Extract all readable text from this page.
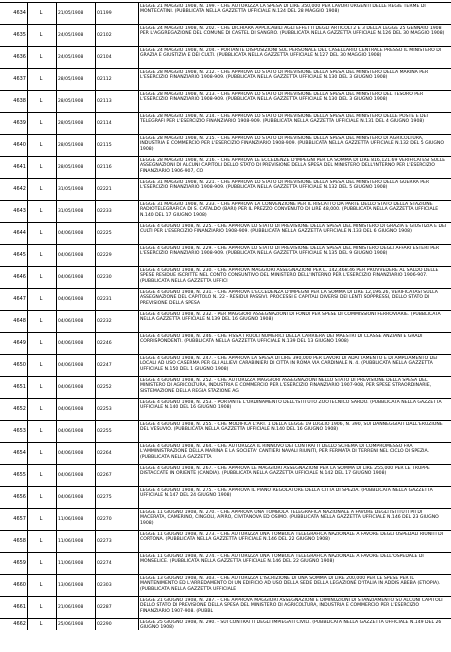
4634	L	21/05/1908	01199
LEGGE 21 MAGGIO 1908, N. 199. - CHE AUTORIZZA LA SPESA DI LIRE 350,000 PER LAVORI URGENTI DELLE REGIE TERME DI MONTECATINI. (PUBBLICATA NELLA GAZZETTA UFFICIALE N.124 DEL 28 MAGGIO 1908)
4635	L	24/05/1908	02102
LEGGE 24 MAGGIO 1908, N. 202. - CHE DICHIARA APPLICABILI AGLI EFFETTI DEGLI ARTICOLI 2 E 3 DELLA LEGGE 25 GENNAIO 1908 PER L'AGGREGAZIONE DEL COMUNE DI CASTEL DI SANGRO. (PUBBLICATA NELLA GAZZETTA UFFICIALE N.126 DEL 30 MAGGIO 1908)
4636	L	24/05/1908	02104
LEGGE 24 MAGGIO 1908, N. 204. - PORTANTE DISPOSIZIONI SUL PERSONALE DEL CASELLARIO CENTRALE PRESSO IL MINISTERO DI GRAZIA E GIUSTIZIA E DEI CULTI. (PUBBLICATA NELLA GAZZETTA UFFICIALE N.127 DEL 30 MAGGIO 1908)
4637	L	28/05/1908	02112
LEGGE 28 MAGGIO 1908, N. 212. - CHE APPROVA LO STATO DI PREVISIONE DELLA SPESA DEL MINISTERO DELLA MARINA PER L'ESERCIZIO FINANZIARIO 1908-909. (PUBBLICATA NELLA GAZZETTA UFFICIALE N.130 DEL 3 GIUGNO 1908)
4638	L	28/05/1908	02113
LEGGE 28 MAGGIO 1908, N. 213. - CHE APPROVA LO STATO DI PREVISIONE DELLA SPESA DEL MINISTERO DEL TESORO PER L'ESERCIZIO FINANZIARIO 1908-909. (PUBBLICATA NELLA GAZZETTA UFFICIALE N.130 DEL 3 GIUGNO 1908)
4639	L	28/05/1908	02114
LEGGE 28 MAGGIO 1908, N. 214. - CHE APPROVA LO STATO DI PREVISIONE DELLA SPESA DEL MINISTERO DELLE POSTE E DEI TELEGRAFI PER L'ESERCIZIO FINANZIARIO 1908-909. (PUBBLICATA NELLA GAZZETTA UFFICIALE N.131 DEL 4 GIUGNO 1908)
4640	L	28/05/1908	02115
LEGGE 28 MAGGIO 1908, N. 215. - CHE APPROVA LO STATO DI PREVISIONE DELLA SPESA DEL MINISTERO DI AGRICOLTURA, INDUSTRIA E COMMERCIO PER L'ESERCIZIO FINANZIARIO 1908-909. (PUBBLICATA NELLA GAZZETTA UFFICIALE N.132 DEL 5 GIUGNO 1908)
4641	L	28/05/1908	02116
LEGGE 28 MAGGIO 1908, N. 216. - CHE APPROVA LE ECCEDENZE D'IMPEGNI PER LA SOMMA DI LIRE 816,121.69 VERIFICATESI SULLE ASSEGNAZIONI DI ALCUNI CAPITOLI DELLO STATO DI PREVISIONE DELLA SPESA DEL MINISTERO DELL'INTERNO PER L'ESERCIZIO FINANZIARIO 1906-907, CO
4642	L	31/05/1908	02221
LEGGE 31 MAGGIO 1908, N. 221. - CHE APPROVA LO STATO DI PREVISIONE DELLA SPESA DEL MINISTERO DELLA GUERRA PER L'ESERCIZIO FINANZIARIO 1908-909. (PUBBLICATA NELLA GAZZETTA UFFICIALE N.132 DEL 5 GIUGNO 1908)
4643	L	31/05/1908	02233
LEGGE 31 MAGGIO 1908, N. 233. - CHE APPROVA LA CONVENZIONE PER IL RISCATTO DA PARTE DELLO STATO DELLA STAZIONE RADIOTELEGRAFICA DI S. CATALDO (BARI) PER IL PREZZO CONVENUTO DI LIRE 48,000. (PUBBLICATA NELLA GAZZETTA UFFICIALE N.140 DEL 17 GIUGNO 1908)
4644	L	04/06/1908	02225
LEGGE 4 GIUGNO 1908, N. 225. - CHE APPROVA LO STATO DI PREVISIONE DELLA SPESA DEL MINISTERO DI GRAZIA E GIUSTIZIA E DEI CULTI PER L'ESERCIZIO FINANZIARIO 1908-909. (PUBBLICATA NELLA GAZZETTA UFFICIALE N.133 DEL 6 GIUGNO 1908)
4645	L	04/06/1908	02229
LEGGE 4 GIUGNO 1908, N. 229. - CHE APPROVA LO STATO DI PREVISIONE DELLA SPESA DEL MINISTERO DEGLI AFFARI ESTERI PER L'ESERCIZIO FINANZIARIO 1908-909. (PUBBLICATA NELLA GAZZETTA UFFICIALE N.135 DEL 9 GIUGNO 1908)
4646	L	04/06/1908	02230
LEGGE 4 GIUGNO 1908, N. 230. - CHE APPROVA MAGGIORI ASSEGNAZIONI PER L. 142,468.46 PER PROVVEDERE AL SALDO DELLE SPESE RESIDUE ISCRITTE NEL CONTO CONSUNTIVO DEL MINISTERO DELL'INTERNO PER L'ESERCIZIO FINANZIARIO 1906-907. (PUBBLICATA NELLA GAZZETTA UFFICI
4647	L	04/06/1908	02231
LEGGE 4 GIUGNO 1908, N. 231. - CHE APPROVA L'ECCEDENZA D'IMPEGNI PER LA SOMMA DI LIRE 12,196.26, VERIFICATASI SULLA ASSEGNAZIONE DEL CAPITOLO N. 22 - RESIDUI PASSIVI. PROCESSI E CAPITALI DIVERSI DEI LENTI SOPPRESSI, DELLO STATO DI PREVISIONE DELLA SPESA
4648	L	04/06/1908	02232
LEGGE 4 GIUGNO 1908, N. 232. - PER MAGGIORI ASSEGNAZIONI DI FONDI PER SPESE DI COMMISSIONI FERROVIARIE. (PUBBLICATA NELLA GAZZETTA UFFICIALE N.139 DEL 16 GIUGNO 1908)
4649	L	04/06/1908	02246
LEGGE 4 GIUGNO 1908, N. 246. - CHE FISSA I RUOLI NUMERICI DELLA CARRIERA DEI MAESTRI DI CLASSE ANZIANI E GRADI CORRISPONDENTI. (PUBBLICATA NELLA GAZZETTA UFFICIALE N.139 DEL 13 GIUGNO 1908)
4650	L	04/06/1908	02247
LEGGE 4 GIUGNO 1908, N. 247. - CHE APPROVA LA SPESA DI LIRE 390,000 PER LAVORI DI ADATTAMENTO E DI AMPLIAMENTO DEI LOCALI AD USO CASERMA PER GLI ALLIEVI CARABINIERI DI CITTA IN ROMA VIA CARDINALE N. 4. (PUBBLICATA NELLA GAZZETTA UFFICIALE N.150 DEL 1 GIUGNO 1908)
4651	L	04/06/1908	02252
LEGGE 4 GIUGNO 1908, N. 252. - CHE AUTORIZZA MAGGIORI ASSEGNAZIONI NELLO STATO DI PREVISIONE DELLA SPESA DEL MINISTERO DI AGRICOLTURA, INDUSTRIA E COMMERCIO PER L'ESERCIZIO FINANZIARIO 1907-908, PER SPESE STRAORDINARIE, SISTEMAZIONE DELLA REGIA STAZIONE AG
4652	L	04/06/1908	02253
LEGGE 4 GIUGNO 1908, N. 253. - PORTANTE L'ORDINAMENTO DELL'ISTITUTO ZOOTECNICO SARDO. (PUBBLICATA NELLA GAZZETTA UFFICIALE N.140 DEL 16 GIUGNO 1908)
4653	L	04/06/1908	02255
LEGGE 4 GIUGNO 1908, N. 255. - CHE MODIFICA L'ART. 1 DELLA LEGGE 19 LUGLIO 1906, N. 390, SUI DANNEGGIATI DALL'ERUZIONE DEL VESUVIO. (PUBBLICATA NELLA GAZZETTA UFFICIALE N.140 DEL 16 GIUGNO 1908)
4654	L	04/06/1908	02264
LEGGE 4 GIUGNO 1908, N. 264. - CHE AUTORIZZA IL RINNOVO DEI CONTRATTI DELLO SCHEMA DI COMPROMESSO FRA L'AMMINISTRAZIONE DELLA MARINA E LA SOCIETA' CANTIERI NAVALI RIUNITI, PER FERMATA DI TERRENI NEL CICLO DI SPEZIA. (PUBBLICATA NELLA GAZZETTA
4655	L	04/06/1908	02267
LEGGE 4 GIUGNO 1908, N. 267. - CHE APPROVA LE MAGGIORI ASSEGNAZIONI PER LA SOMMA DI LIRE 255,000 PER LE TRUPPE DISTACCATE IN ORIENTE (CANDIA). (PUBBLICATA NELLA GAZZETTA UFFICIALE N.142 DEL 17 GIUGNO 1908)
4656	L	04/06/1908	02275
LEGGE 4 GIUGNO 1908, N. 275. - CHE APPROVA IL PIANO REGOLATORE DELLA CITTA DI SPEZIA. (PUBBLICATA NELLA GAZZETTA UFFICIALE N.147 DEL 24 GIUGNO 1908)
4657	L	11/06/1908	02270
LEGGE 11 GIUGNO 1908, N. 270. - CHE APPROVA UNA TOMBOLA TELEGRAFICA NAZIONALE A FAVORE DEGLI ISTITUTI PII DI MACERATA, CAMERINO, CINGOLI, APIRO, CIVITANOVA ED OSIMO. (PUBBLICATA NELLA GAZZETTA UFFICIALE N.146 DEL 23 GIUGNO 1908)
4658	L	11/06/1908	02273
LEGGE 11 GIUGNO 1908, N. 273. - CHE AUTORIZZA UNA TOMBOLA TELEGRAFICA NAZIONALE A FAVORE DEGLI OSPEDALI RIUNITI DI CORTONA. (PUBBLICATA NELLA GAZZETTA UFFICIALE N.146 DEL 22 GIUGNO 1908)
4659	L	11/06/1908	02274
LEGGE 11 GIUGNO 1908, N. 274. - CHE AUTORIZZA UNA TOMBOLA TELEGRAFICA NAZIONALE A FAVORE DELL'OSPEDALE DI MONSELICE. (PUBBLICATA NELLA GAZZETTA UFFICIALE N.146 DEL 22 GIUGNO 1908)
4660	L	13/06/1908	02303
LEGGE 13 GIUGNO 1908, N. 303. - CHE AUTORIZZA L'ISCRIZIONE DI UNA SOMMA DI LIRE 200,000 PER LE SPESE PER IL MANTENIMENTO ED L'ARREDAMENTO DI UN EDIFICIO AD USO DELLA SEDE DELLA LEGAZIONE D'ITALIA IN ADDIS ABEBA (ETIOPIA). (PUBBLICATA NELLA GAZZETTA UFFICIALE
4661	L	21/06/1908	02287
LEGGE 21 GIUGNO 1908, N. 287. - CHE APPROVA MAGGIORI ASSEGNAZIONI E DIMINUZIONI DI STANZIAMENTO SU ALCUNI CAPITOLI DELLO STATO DI PREVISIONE DELLA SPESA DEL MINISTERO DI AGRICOLTURA, INDUSTRIA E COMMERCIO PER L'ESERCIZIO FINANZIARIO 1907-908. (PUBBL
4662	L	25/06/1908	02290	LEGGE 25 GIUGNO 1908, N. 290. - SUI CONTRATTI DEGLI IMPIEGATI CIVILI. (PUBBLICATA NELLA GAZZETTA UFFICIALE N.149 DEL 26 GIUGNO 1908)
